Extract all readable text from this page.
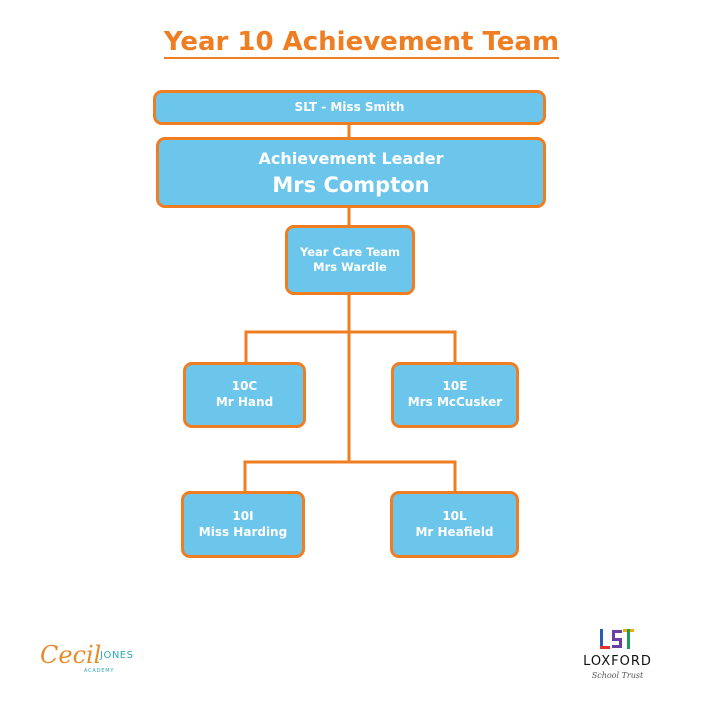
Year 10 Achievement Team
SLT - Miss Smith
Achievement Leader
Mrs Compton
Year Care Team
Mrs Wardle
10C
Mr Hand
10E
Mrs McCusker
10I
Miss Harding
10L
Mr Heafield
Cecil
JONES
ACADEMY
LOXFORD
School Trust
